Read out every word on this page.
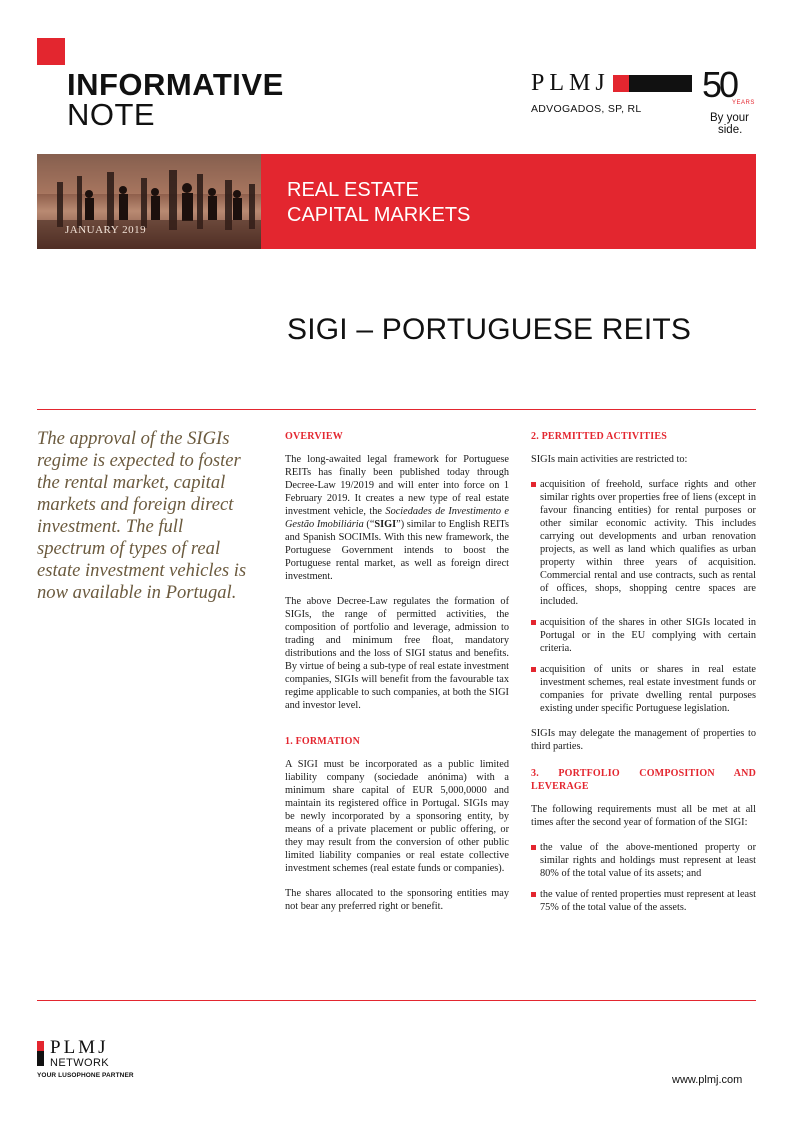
INFORMATIVE
NOTE
PLMJ
ADVOGADOS, SP, RL
50
YEARS
By your
side.
JANUARY 2019
REAL ESTATE
CAPITAL MARKETS
SIGI – PORTUGUESE REITS
The approval of the SIGIs regime is expected to foster the rental market, capital markets and foreign direct investment. The full spectrum of types of real estate investment vehicles is now available in Portugal.
OVERVIEW

The long-awaited legal framework for Portuguese REITs has finally been published today through Decree-Law 19/2019 and will enter into force on 1 February 2019. It creates a new type of real estate investment vehicle, the Sociedades de Investimento e Gestão Imobiliária (“SIGI”) similar to English REITs and Spanish SOCIMIs. With this new framework, the Portuguese Government intends to boost the Portuguese rental market, as well as foreign direct investment.

The above Decree-Law regulates the formation of SIGIs, the range of permitted activities, the composition of portfolio and leverage, admission to trading and minimum free float, mandatory distributions and the loss of SIGI status and benefits. By virtue of being a sub-type of real estate investment companies, SIGIs will benefit from the favourable tax regime applicable to such companies, at both the SIGI and investor level.

1. FORMATION

A SIGI must be incorporated as a public limited liability company (sociedade anónima) with a minimum share capital of EUR 5,000,0000 and maintain its registered office in Portugal. SIGIs may be newly incorporated by a sponsoring entity, by means of a private placement or public offering, or they may result from the conversion of other public limited liability companies or real estate collective investment schemes (real estate funds or companies).

The shares allocated to the sponsoring entities may not bear any preferred right or benefit.

2. PERMITTED ACTIVITIES

SIGIs main activities are restricted to:

acquisition of freehold, surface rights and other similar rights over properties free of liens (except in favour financing entities) for rental purposes or other similar economic activity. This includes carrying out developments and urban renovation projects, as well as land which qualifies as urban property within three years of acquisition. Commercial rental and use contracts, such as rental of offices, shops, shopping centre spaces are included.
acquisition of the shares in other SIGIs located in Portugal or in the EU complying with certain criteria.
acquisition of units or shares in real estate investment schemes, real estate investment funds or companies for private dwelling rental purposes existing under specific Portuguese legislation.

SIGIs may delegate the management of properties to third parties.

3. PORTFOLIO COMPOSITION AND LEVERAGE

The following requirements must all be met at all times after the second year of formation of the SIGI:

the value of the above-mentioned property or similar rights and holdings must represent at least 80% of the total value of its assets; and
the value of rented properties must represent at least 75% of the total value of the assets.
PLMJ
NETWORK
YOUR LUSOPHONE PARTNER	www.plmj.com
